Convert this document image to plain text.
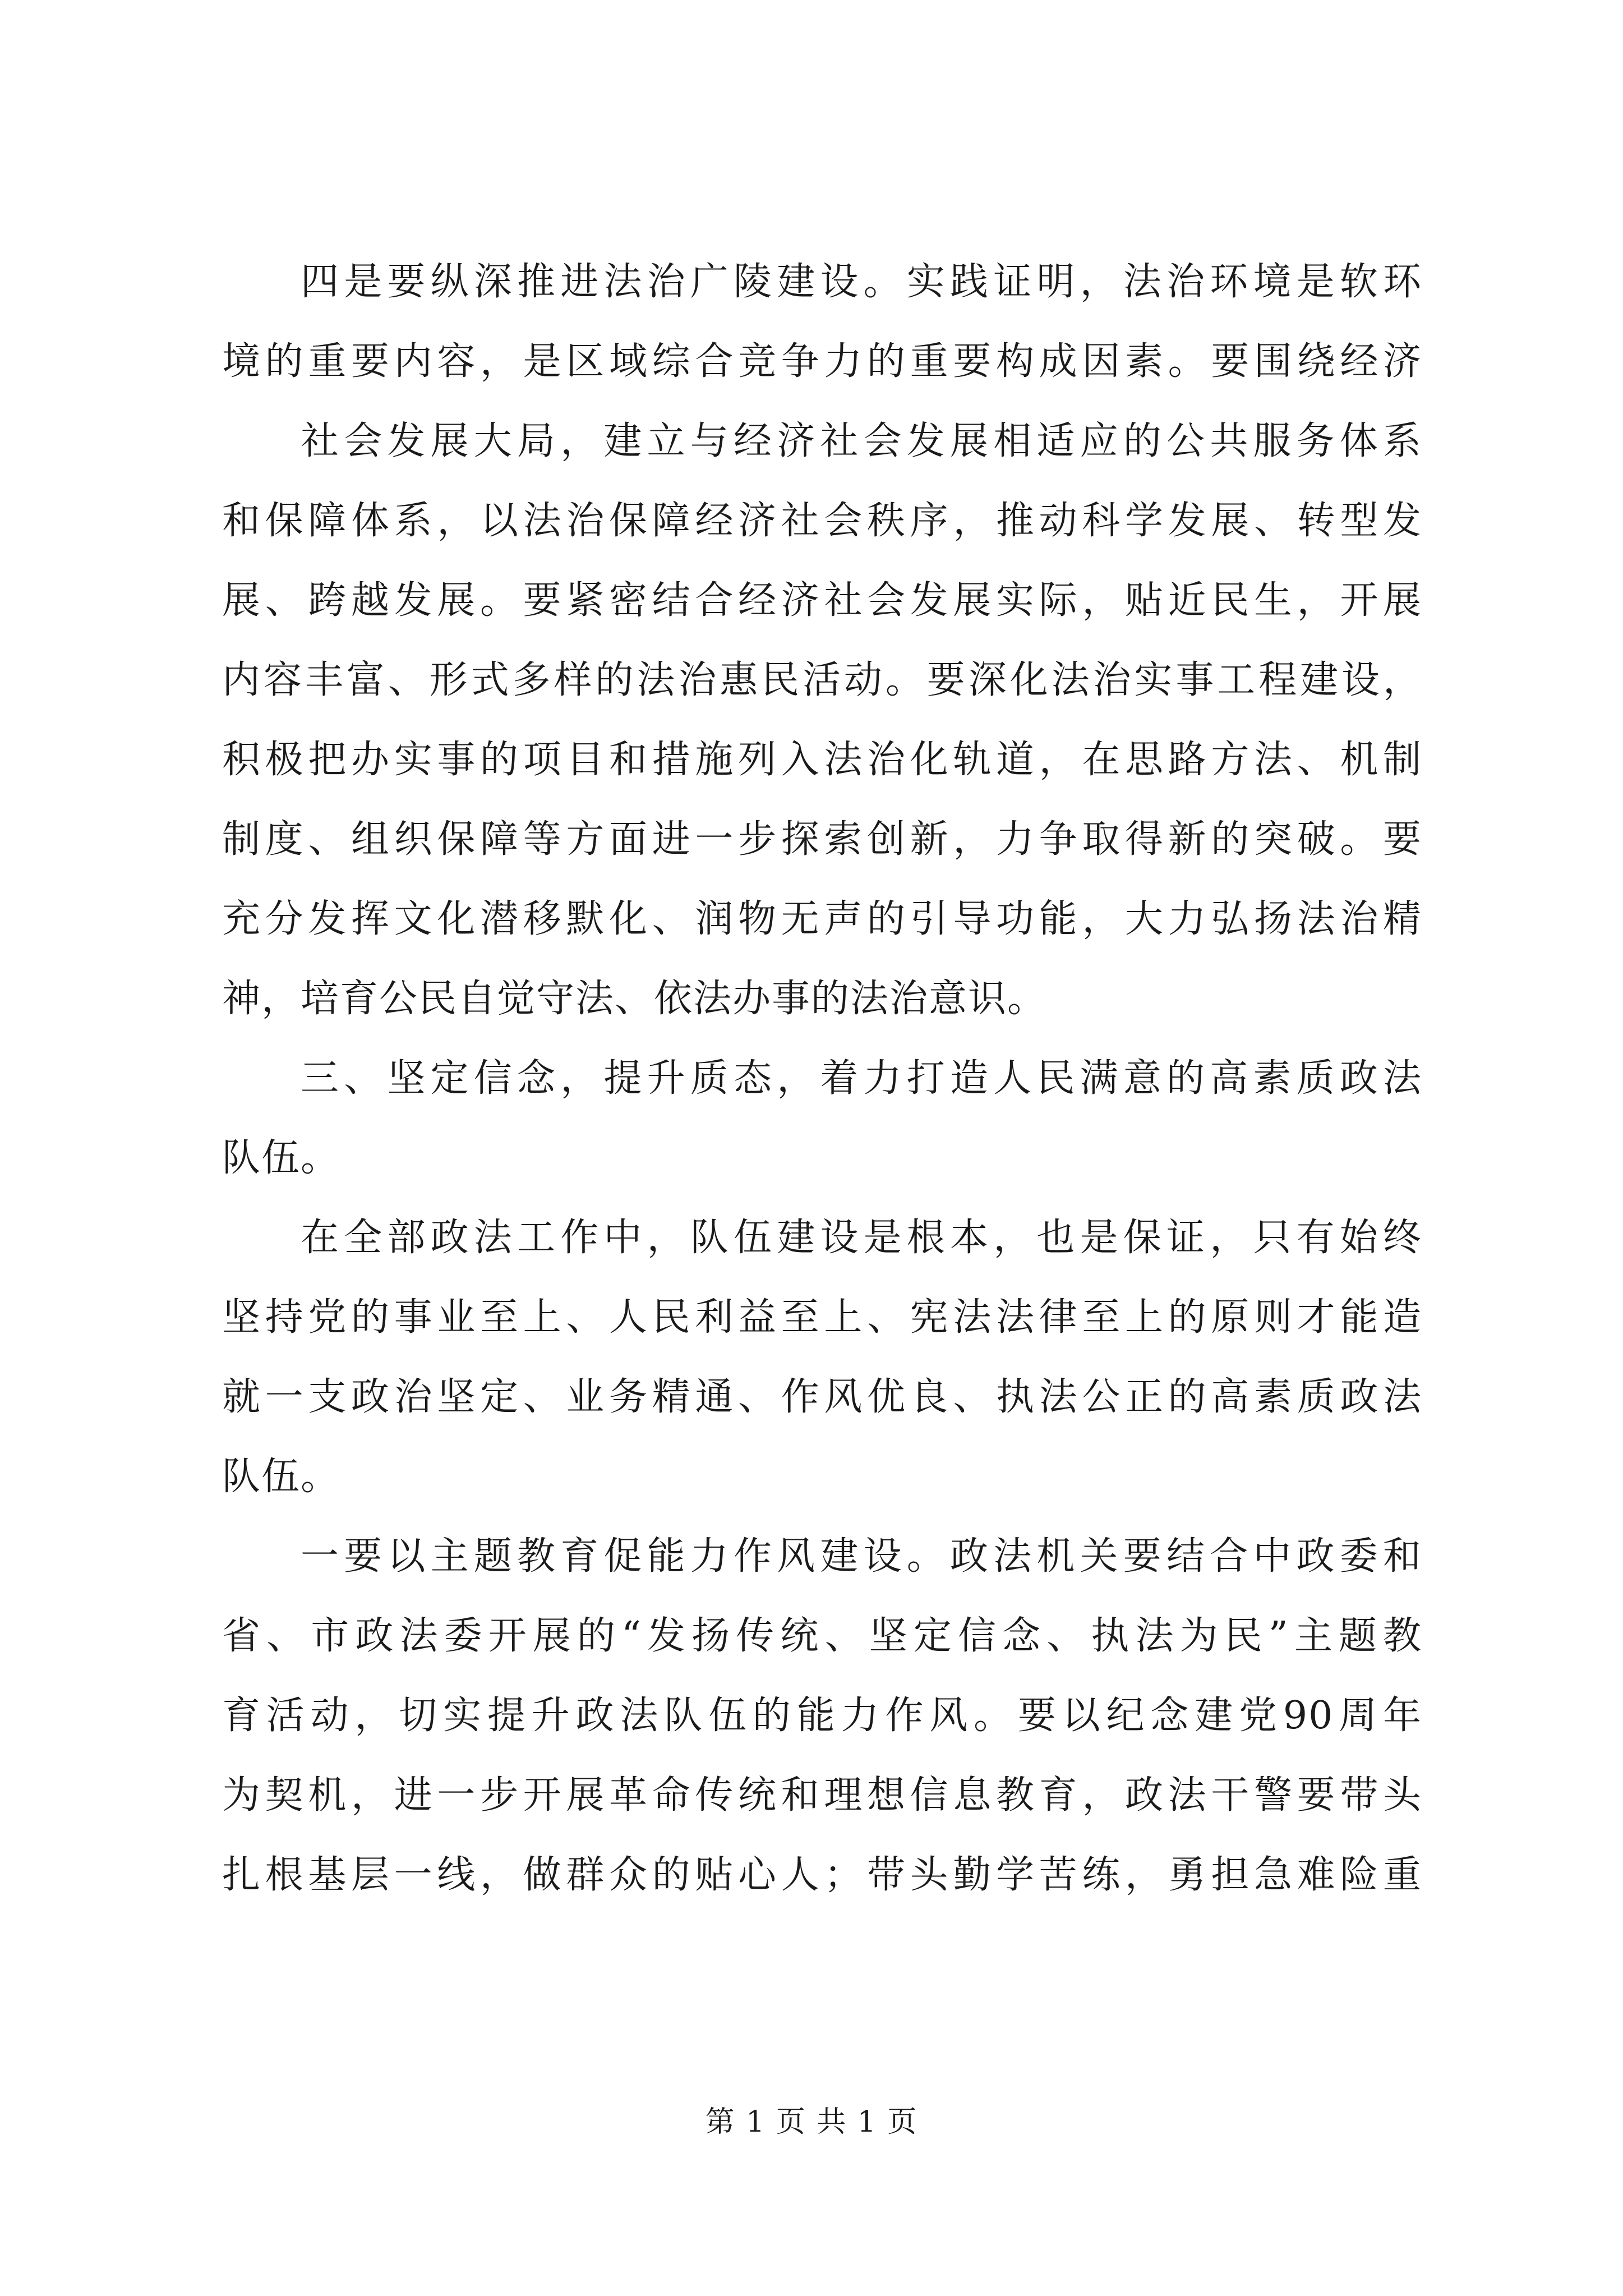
四是要纵深推进法治广陵建设。实践证明，法治环境是软环
境的重要内容，是区域综合竞争力的重要构成因素。要围绕经济
社会发展大局，建立与经济社会发展相适应的公共服务体系
和保障体系，以法治保障经济社会秩序，推动科学发展、转型发
展、跨越发展。要紧密结合经济社会发展实际，贴近民生，开展
内容丰富、形式多样的法治惠民活动。要深化法治实事工程建设，
积极把办实事的项目和措施列入法治化轨道，在思路方法、机制
制度、组织保障等方面进一步探索创新，力争取得新的突破。要
充分发挥文化潜移默化、润物无声的引导功能，大力弘扬法治精
神，培育公民自觉守法、依法办事的法治意识。
三、坚定信念，提升质态，着力打造人民满意的高素质政法
队伍。
在全部政法工作中，队伍建设是根本，也是保证，只有始终
坚持党的事业至上、人民利益至上、宪法法律至上的原则才能造
就一支政治坚定、业务精通、作风优良、执法公正的高素质政法
队伍。
一要以主题教育促能力作风建设。政法机关要结合中政委和
省、市政法委开展的“发扬传统、坚定信念、执法为民”主题教
育活动，切实提升政法队伍的能力作风。要以纪念建党90周年
为契机，进一步开展革命传统和理想信息教育，政法干警要带头
扎根基层一线，做群众的贴心人；带头勤学苦练，勇担急难险重
第 1 页 共 1 页
